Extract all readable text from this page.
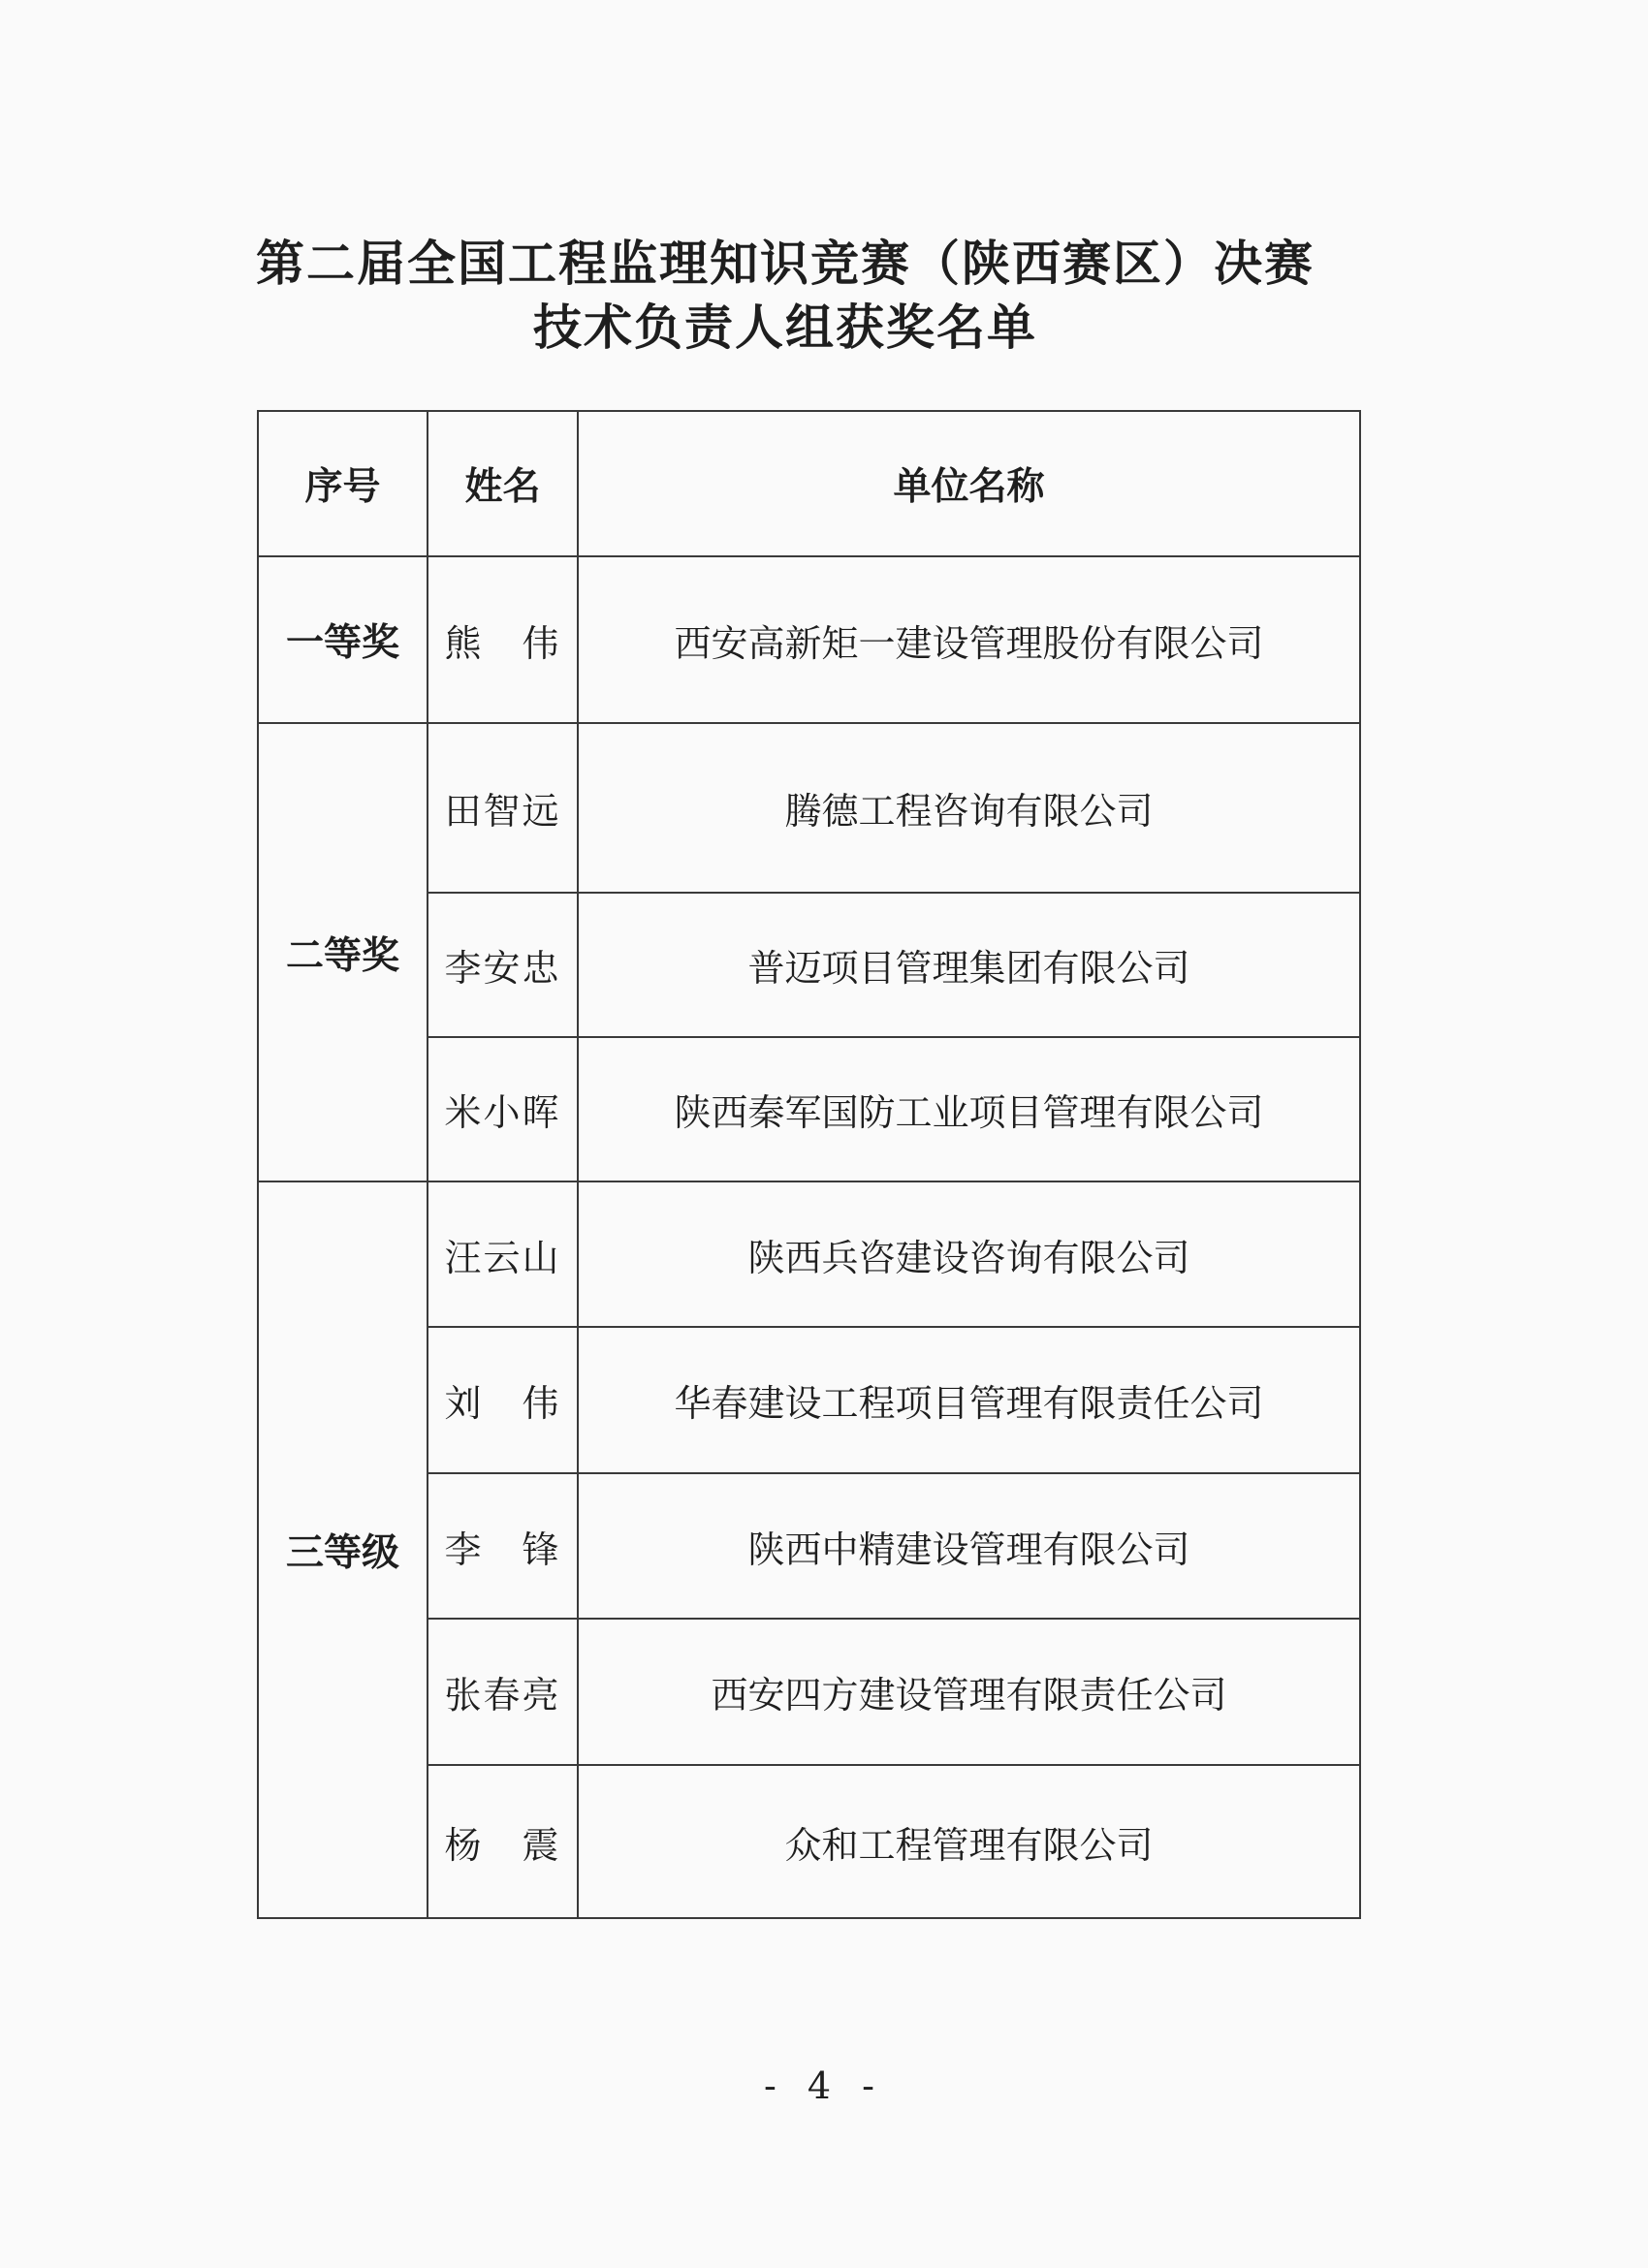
第二届全国工程监理知识竞赛（陕西赛区）决赛
技术负责人组获奖名单
序号	姓名	单位名称
一等奖	熊　伟	西安高新矩一建设管理股份有限公司
二等奖	田智远	腾德工程咨询有限公司
	李安忠	普迈项目管理集团有限公司
	米小晖	陕西秦军国防工业项目管理有限公司
三等级	汪云山	陕西兵咨建设咨询有限公司
	刘　伟	华春建设工程项目管理有限责任公司
	李　锋	陕西中精建设管理有限公司
	张春亮	西安四方建设管理有限责任公司
	杨　震	众和工程管理有限公司
- 4 -
